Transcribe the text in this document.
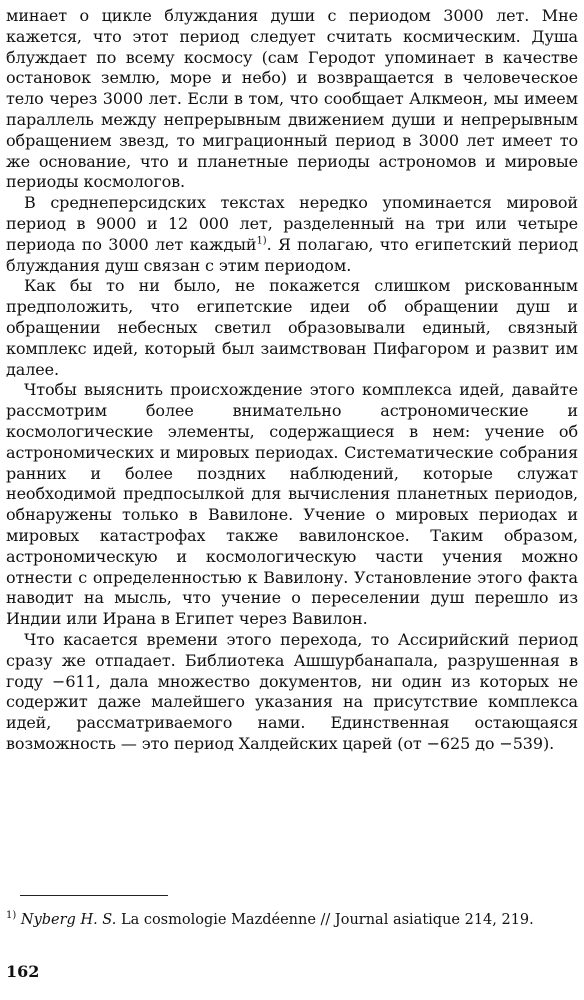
минает о цикле блуждания души с периодом 3000 лет. Мне кажется, что этот период следует считать космическим. Душа блуждает по всему космосу (сам Геродот упоминает в качестве остановок землю, море и небо) и возвращается в человеческое тело через 3000 лет. Если в том, что сообщает Алкмеон, мы имеем параллель между непрерывным движением души и непрерывным обращением звезд, то миграционный период в 3000 лет имеет то же основание, что и планетные периоды астрономов и мировые периоды космологов.

В среднеперсидских текстах нередко упоминается мировой период в 9000 и 12 000 лет, разделенный на три или четыре периода по 3000 лет каждый$^{1)}$. Я полагаю, что египетский период блуждания душ связан с этим периодом.

Как бы то ни было, не покажется слишком рискованным предположить, что египетские идеи об обращении душ и обращении небесных светил образовывали единый, связный комплекс идей, который был заимствован Пифагором и развит им далее.

Чтобы выяснить происхождение этого комплекса идей, давайте рассмотрим более внимательно астрономические и космологические элементы, содержащиеся в нем: учение об астрономических и мировых периодах. Систематические собрания ранних и более поздних наблюдений, которые служат необходимой предпосылкой для вычисления планетных периодов, обнаружены только в Вавилоне. Учение о мировых периодах и мировых катастрофах также вавилонское. Таким образом, астрономическую и космологическую части учения можно отнести с определенностью к Вавилону. Установление этого факта наводит на мысль, что учение о переселении душ перешло из Индии или Ирана в Египет через Вавилон.

Что касается времени этого перехода, то Ассирийский период сразу же отпадает. Библиотека Ашшурбанапала, разрушенная в году −611, дала множество документов, ни один из которых не содержит даже малейшего указания на присутствие комплекса идей, рассматриваемого нами. Единственная остающаяся возможность — это период Халдейских царей (от −625 до −539).

$^{1)}$ Nyberg H. S. La cosmologie Mazdéenne // Journal asiatique 214, 219.
162
